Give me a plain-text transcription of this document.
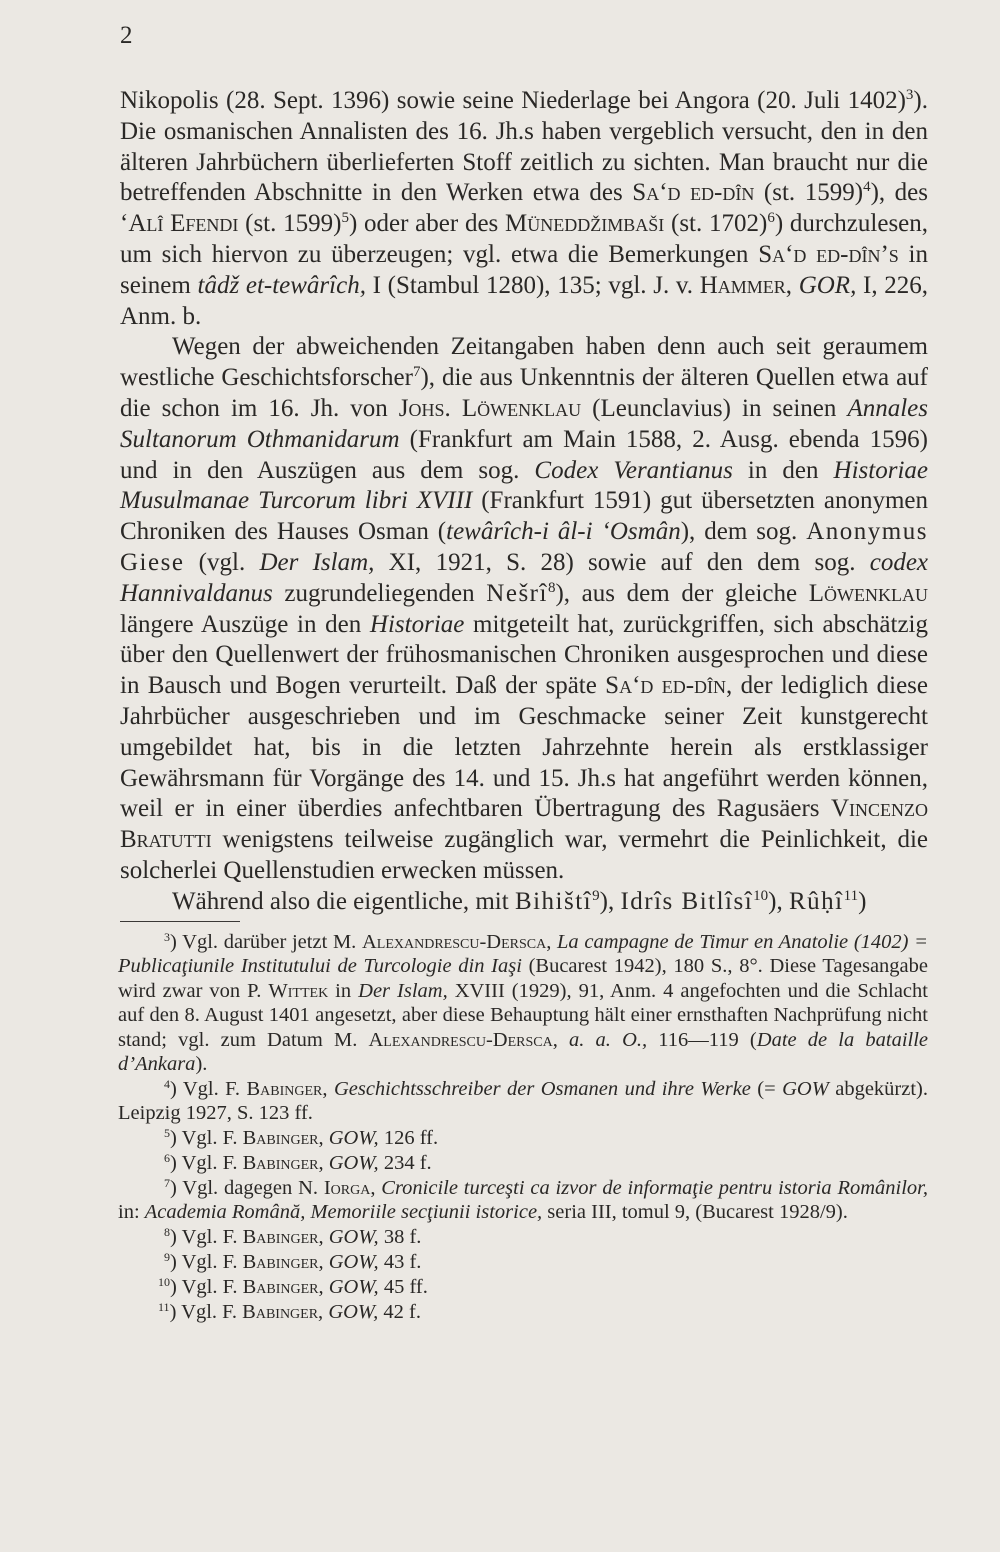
2

Nikopolis (28. Sept. 1396) sowie seine Niederlage bei Angora (20. Juli 1402)$^3$). Die osmanischen Annalisten des 16. Jh.s haben vergeblich versucht, den in den älteren Jahrbüchern überlieferten Stoff zeitlich zu sichten. Man braucht nur die betreffenden Abschnitte in den Werken etwa des Sa‘d ed-dîn (st. 1599)$^4$), des ‘Alî Efendi (st. 1599)$^5$) oder aber des Müneddžimbaši (st. 1702)$^6$) durchzulesen, um sich hiervon zu überzeugen; vgl. etwa die Bemerkungen Sa‘d ed-dîn’s in seinem tâdž et-tewârîch, I (Stambul 1280), 135; vgl. J. v. Hammer, GOR, I, 226, Anm. b.

Wegen der abweichenden Zeitangaben haben denn auch seit geraumem westliche Geschichtsforscher$^7$), die aus Unkenntnis der älteren Quellen etwa auf die schon im 16. Jh. von Johs. Löwenklau (Leunclavius) in seinen Annales Sultanorum Othmanidarum (Frankfurt am Main 1588, 2. Ausg. ebenda 1596) und in den Auszügen aus dem sog. Codex Verantianus in den Historiae Musulmanae Turcorum libri XVIII (Frankfurt 1591) gut übersetzten anonymen Chroniken des Hauses Osman (tewârîch-i âl-i ‘Osmân), dem sog. Anonymus Giese (vgl. Der Islam, XI, 1921, S. 28) sowie auf den dem sog. codex Hannivaldanus zugrundeliegenden Nešrî$^8$), aus dem der gleiche Löwenklau längere Auszüge in den Historiae mitgeteilt hat, zurückgriffen, sich abschätzig über den Quellenwert der frühosmanischen Chroniken ausgesprochen und diese in Bausch und Bogen verurteilt. Daß der späte Sa‘d ed-dîn, der lediglich diese Jahrbücher ausgeschrieben und im Geschmacke seiner Zeit kunstgerecht umgebildet hat, bis in die letzten Jahrzehnte herein als erstklassiger Gewährsmann für Vorgänge des 14. und 15. Jh.s hat angeführt werden können, weil er in einer überdies anfechtbaren Übertragung des Ragusäers Vincenzo Bratutti wenigstens teilweise zugänglich war, vermehrt die Peinlichkeit, die solcherlei Quellenstudien erwecken müssen.

Während also die eigentliche, mit Bihištî$^9$), Idrîs Bitlîsî$^{10}$), Rûḥî$^{11}$)

$^3$) Vgl. darüber jetzt M. Alexandrescu-Dersca, La campagne de Timur en Anatolie (1402) = Publicaţiunile Institutului de Turcologie din Iaşi (Bucarest 1942), 180 S., 8°. Diese Tagesangabe wird zwar von P. Wittek in Der Islam, XVIII (1929), 91, Anm. 4 angefochten und die Schlacht auf den 8. August 1401 angesetzt, aber diese Behauptung hält einer ernsthaften Nachprüfung nicht stand; vgl. zum Datum M. Alexandrescu-Dersca, a. a. O., 116—119 (Date de la bataille d’Ankara).

$^4$) Vgl. F. Babinger, Geschichtsschreiber der Osmanen und ihre Werke (= GOW abgekürzt). Leipzig 1927, S. 123 ff.

$^5$) Vgl. F. Babinger, GOW, 126 ff.

$^6$) Vgl. F. Babinger, GOW, 234 f.

$^7$) Vgl. dagegen N. Iorga, Cronicile turceşti ca izvor de informaţie pentru istoria Românilor, in: Academia Română, Memoriile secţiunii istorice, seria III, tomul 9, (Bucarest 1928/9).

$^8$) Vgl. F. Babinger, GOW, 38 f.

$^9$) Vgl. F. Babinger, GOW, 43 f.

$^{10}$) Vgl. F. Babinger, GOW, 45 ff.

$^{11}$) Vgl. F. Babinger, GOW, 42 f.
